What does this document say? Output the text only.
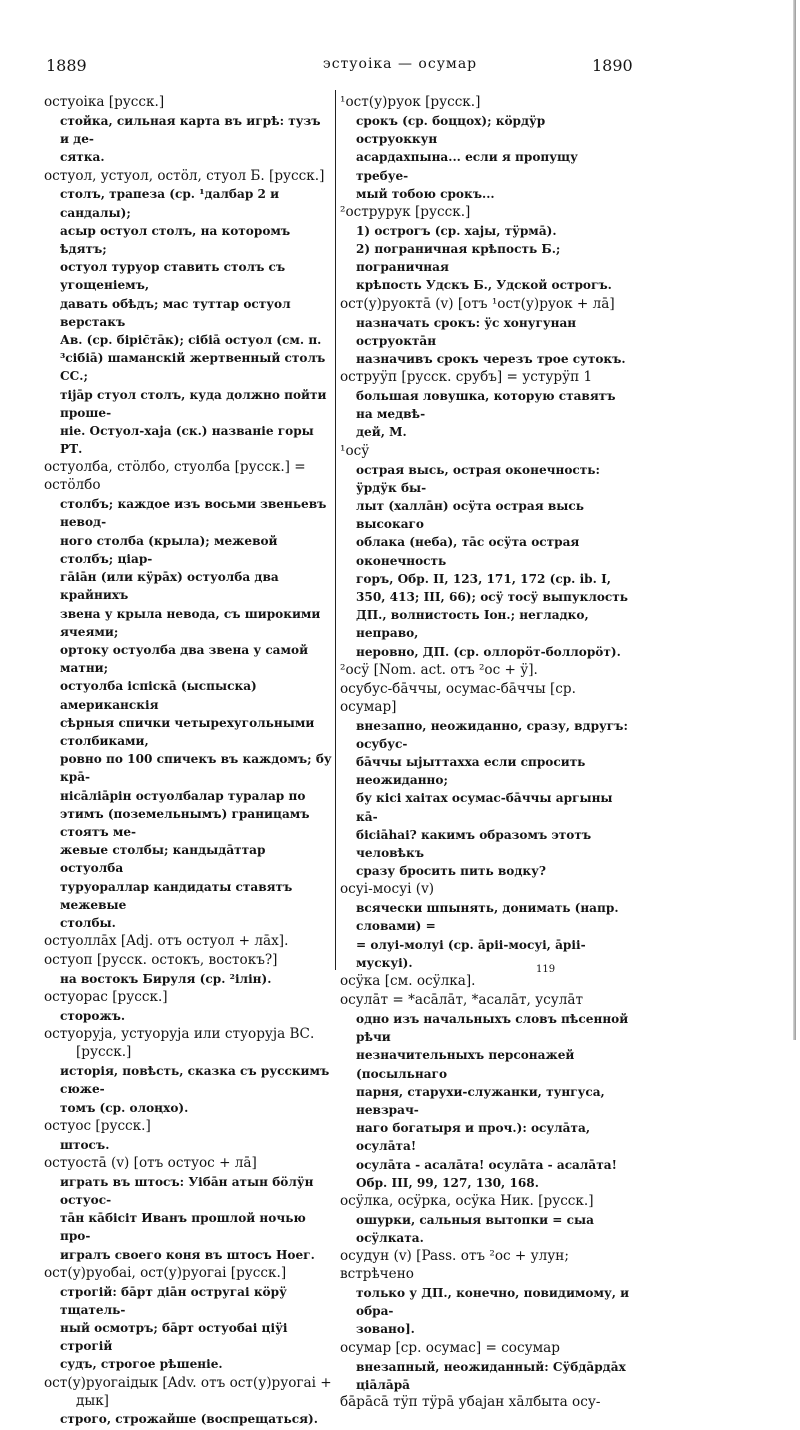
1889	эстуоіка — осумар	1890
остуоіка [русск.]
стойка, сильная карта въ игрѣ: тузъ и де-
сятка.
остуол, устуол, остӧл, стуол Б. [русск.]
столъ, трапеза (ср. ¹далбар 2 и сандалы);
асыр остуол столъ, на которомъ ѣдятъ;
остуол туруор ставить столъ съ угощеніемъ,
давать обѣдъ; мас туттар остуол верстакъ
Ав. (ср. біріс̄тāк); сібіā остуол (см. п.
³сібіā) шаманскій жертвенный столъ СС.;
тіjāр стуол столъ, куда должно пойти проше-
ніе. Остуол-хаjа (ск.) названіе горы РТ.
остуолба, стӧлбо, стуолба [русск.] = остӧлбо
столбъ; каждое изъ восьми звеньевъ невод-
ного столба (крыла); межевой столбъ; ціар-
гāіāн (или кӱрāх) остуолба два крайнихъ
звена у крыла невода, съ широкими ячеями;
ортоку остуолба два звена у самой матни;
остуолба іспіскā (ыспыска) американскія
сѣрныя спички четырехугольными столбиками,
ровно по 100 спичекъ въ каждомъ; бу крā-
нісāліāрін остуолбалар туралар по
этимъ (поземельнымъ) границамъ стоятъ ме-
жевые столбы; кандыдāттар остуолба
туруораллар кандидаты ставятъ межевые
столбы.
остуоллāх [Adj. отъ остуол + лāх].
остуоп [русск. остокъ, востокъ?]
на востокъ Бируля (ср. ²ілін).
остуорас [русск.]
сторожъ.
остуоруjа, устуоруjа или стуоруjа ВС.
[русск.]
исторія, повѣсть, сказка съ русскимъ сюже-
томъ (ср. олоңхо).
остуос [русск.]
штосъ.
остуостā (v) [отъ остуос + лā]
играть въ штосъ: Уібāн атын бӧлӱн остуос-
тāн кāбісіт Иванъ прошлой ночью про-
игралъ своего коня въ штосъ Ноег.
ост(у)руобаі, ост(у)руогаі [русск.]
строгій: бāрт діāн остругаі кӧрӱ тщатель-
ный осмотръ; бāрт остуобаі ціӱі строгій
судъ, строгое рѣшеніе.
ост(у)руогаідык [Adv. отъ ост(у)руогаі +
дык]
строго, строжайше (воспрещаться).
¹ост(у)руок [русск.]
срокъ (ср. боццох); кӧрдӱр оструоккун
асардахпына... если я пропущу требуе-
мый тобою срокъ...
²острурук [русск.]
1) острогъ (ср. хаjы, тӱрмā).
2) пограничная крѣпость Б.; пограничная
крѣпость Удскъ Б., Удской острогъ.
ост(у)руоктā (v) [отъ ¹ост(у)руок + лā]
назначать срокъ: ӱс хонугунан оструоктāн
назначивъ срокъ черезъ трое сутокъ.
оструӱп [русск. срубъ] = устурӱп 1
большая ловушка, которую ставятъ на медвѣ-
дей, М.
¹осӱ
острая высь, острая оконечность: ӱрдӱк бы-
лыт (халлāн) осӱта острая высь высокаго
облака (неба), тāс осӱта острая оконечность
горъ, Обр. II, 123, 171, 172 (ср. ib. I,
350, 413; III, 66); осӱ тосӱ выпуклость
ДП., волнистость Іон.; негладко, неправо,
неровно, ДП. (ср. оллорӧт-боллорӧт).
²осӱ [Nom. act. отъ ²ос + ӱ].
осубус-бāччы, осумас-бāччы [ср. осумар]
внезапно, неожиданно, сразу, вдругъ: осубус-
бāччы ыjыттахха если спросить неожиданно;
бу кісі хаітах осумас-бāччы аргыны кā-
бісіāhаі? какимъ образомъ этотъ человѣкъ
сразу бросить пить водку?
осуі-мосуі (v)
всячески шпынять, донимать (напр. словами) =
= олуі-молуі (ср. āріі-мосуі, āріі-мускуі).
осӱка [см. осӱлка].
осулāт = *асāлāт, *асалāт, усулāт
одно изъ начальныхъ словъ пѣсенной рѣчи
незначительныхъ персонажей (посыльнаго
парня, старухи-служанки, тунгуса, невзрач-
наго богатыря и проч.): осулāта, осулāта!
осулāта - асалāта! осулāта - асалāта!
Обр. III, 99, 127, 130, 168.
осӱлка, осӱрка, осӱка Ник. [русск.]
ошурки, сальныя вытопки = сыа осӱлката.
осудун (v) [Pass. отъ ²ос + улун; встрѣчено
только у ДП., конечно, повидимому, и обра-
зовано].
осумар [ср. осумас] = сосумар
внезапный, неожиданный: Сӱбдāрдāх ціāлāрā
бāрāсā тӱп тӱрā убаjан хāлбыта осу-
119
